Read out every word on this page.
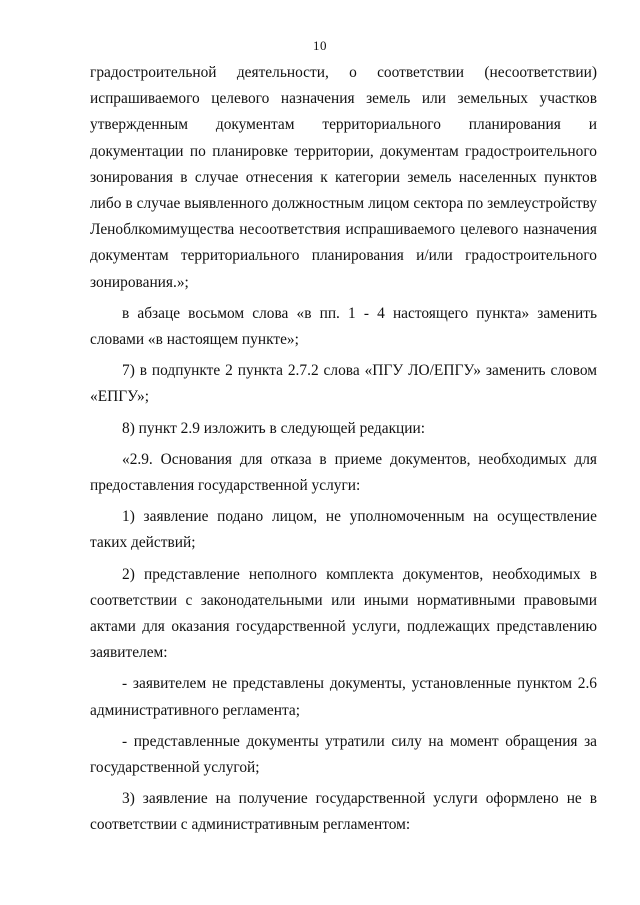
10

градостроительной деятельности, о соответствии (несоответствии) испрашиваемого целевого назначения земель или земельных участков утвержденным документам территориального планирования и документации по планировке территории, документам градостроительного зонирования в случае отнесения к категории земель населенных пунктов либо в случае выявленного должностным лицом сектора по землеустройству Леноблкомимущества несоответствия испрашиваемого целевого назначения документам территориального планирования и/или градостроительного зонирования.»;

в абзаце восьмом слова «в пп. 1 - 4 настоящего пункта» заменить словами «в настоящем пункте»;

7) в подпункте 2 пункта 2.7.2 слова «ПГУ ЛО/ЕПГУ» заменить словом «ЕПГУ»;

8) пункт 2.9 изложить в следующей редакции:

«2.9. Основания для отказа в приеме документов, необходимых для предоставления государственной услуги:

1) заявление подано лицом, не уполномоченным на осуществление таких действий;

2) представление неполного комплекта документов, необходимых в соответствии с законодательными или иными нормативными правовыми актами для оказания государственной услуги, подлежащих представлению заявителем:

- заявителем не представлены документы, установленные пунктом 2.6 административного регламента;

- представленные документы утратили силу на момент обращения за государственной услугой;

3) заявление на получение государственной услуги оформлено не в соответствии с административным регламентом:
